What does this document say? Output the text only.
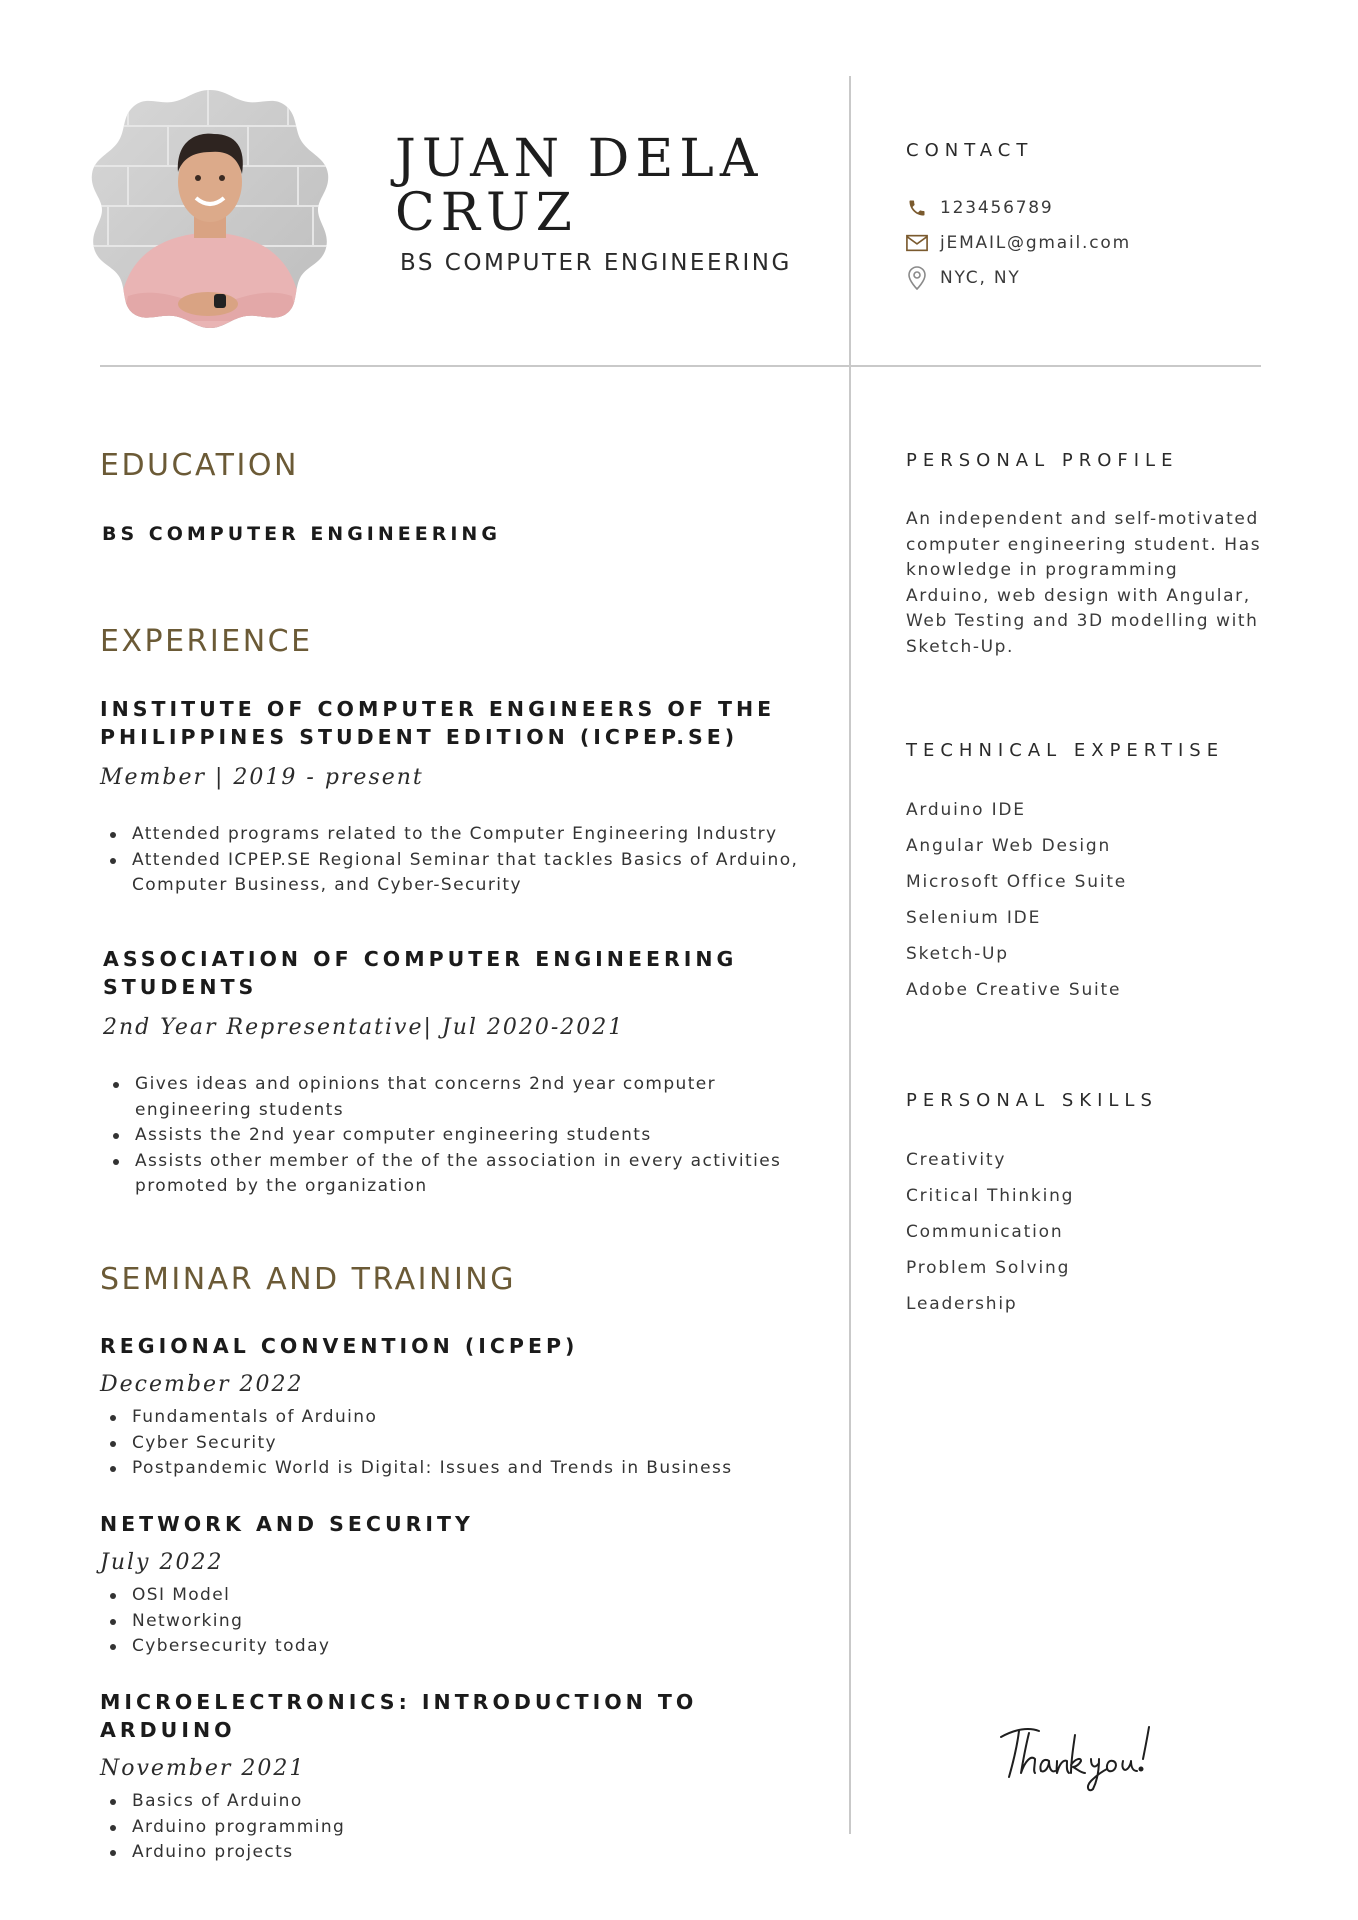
JUAN DELA CRUZ
BS COMPUTER ENGINEERING
CONTACT
123456789
jEMAIL@gmail.com
NYC, NY
EDUCATION
BS COMPUTER ENGINEERING
EXPERIENCE
INSTITUTE OF COMPUTER ENGINEERS OF THE PHILIPPINES STUDENT EDITION (ICPEP.SE)
Member | 2019 - present
Attended programs related to the Computer Engineering Industry
Attended ICPEP.SE Regional Seminar that tackles Basics of Arduino, Computer Business, and Cyber-Security
ASSOCIATION OF COMPUTER ENGINEERING STUDENTS
2nd Year Representative| Jul 2020-2021
Gives ideas and opinions that concerns 2nd year computer engineering students
Assists the 2nd year computer engineering students
Assists other member of the of the association in every activities promoted by the organization
SEMINAR AND TRAINING
REGIONAL CONVENTION (ICPEP)
December 2022
Fundamentals of Arduino
Cyber Security
Postpandemic World is Digital: Issues and Trends in Business
NETWORK AND SECURITY
July 2022
OSI Model
Networking
Cybersecurity today
MICROELECTRONICS: INTRODUCTION TO ARDUINO
November 2021
Basics of Arduino
Arduino programming
Arduino projects
PERSONAL PROFILE
An independent and self-motivated computer engineering student. Has knowledge in programming Arduino, web design with Angular, Web Testing and 3D modelling with Sketch-Up.
TECHNICAL EXPERTISE
Arduino IDE
Angular Web Design
Microsoft Office Suite
Selenium IDE
Sketch-Up
Adobe Creative Suite
PERSONAL SKILLS
Creativity
Critical Thinking
Communication
Problem Solving
Leadership
